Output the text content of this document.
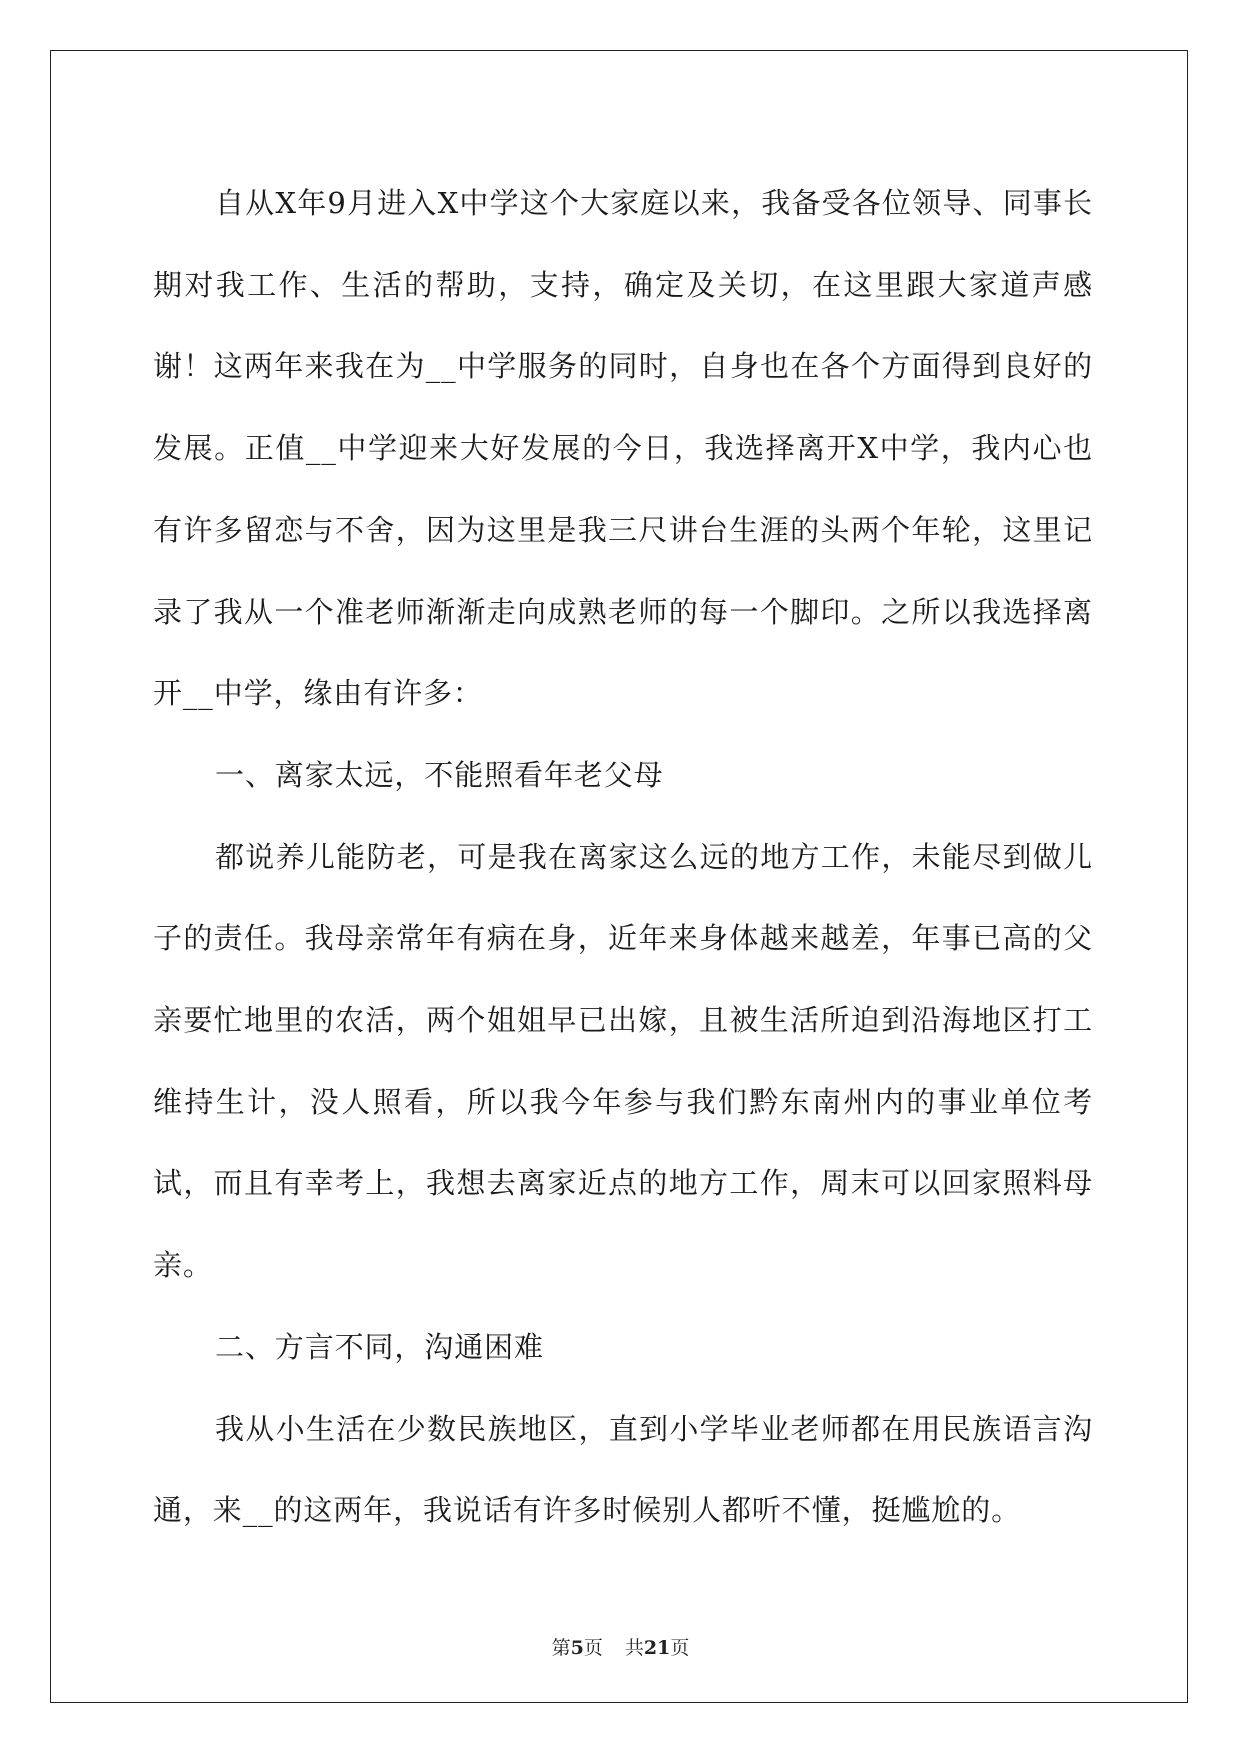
自从X年9月进入X中学这个大家庭以来，我备受各位领导、同事长期对我工作、生活的帮助，支持，确定及关切，在这里跟大家道声感谢！这两年来我在为__中学服务的同时，自身也在各个方面得到良好的发展。正值__中学迎来大好发展的今日，我选择离开X中学，我内心也有许多留恋与不舍，因为这里是我三尺讲台生涯的头两个年轮，这里记录了我从一个准老师渐渐走向成熟老师的每一个脚印。之所以我选择离开__中学，缘由有许多：

一、离家太远，不能照看年老父母

都说养儿能防老，可是我在离家这么远的地方工作，未能尽到做儿子的责任。我母亲常年有病在身，近年来身体越来越差，年事已高的父亲要忙地里的农活，两个姐姐早已出嫁，且被生活所迫到沿海地区打工维持生计，没人照看，所以我今年参与我们黔东南州内的事业单位考试，而且有幸考上，我想去离家近点的地方工作，周末可以回家照料母亲。

二、方言不同，沟通困难

我从小生活在少数民族地区，直到小学毕业老师都在用民族语言沟通，来__的这两年，我说话有许多时候别人都听不懂，挺尴尬的。

第5页 共21页
